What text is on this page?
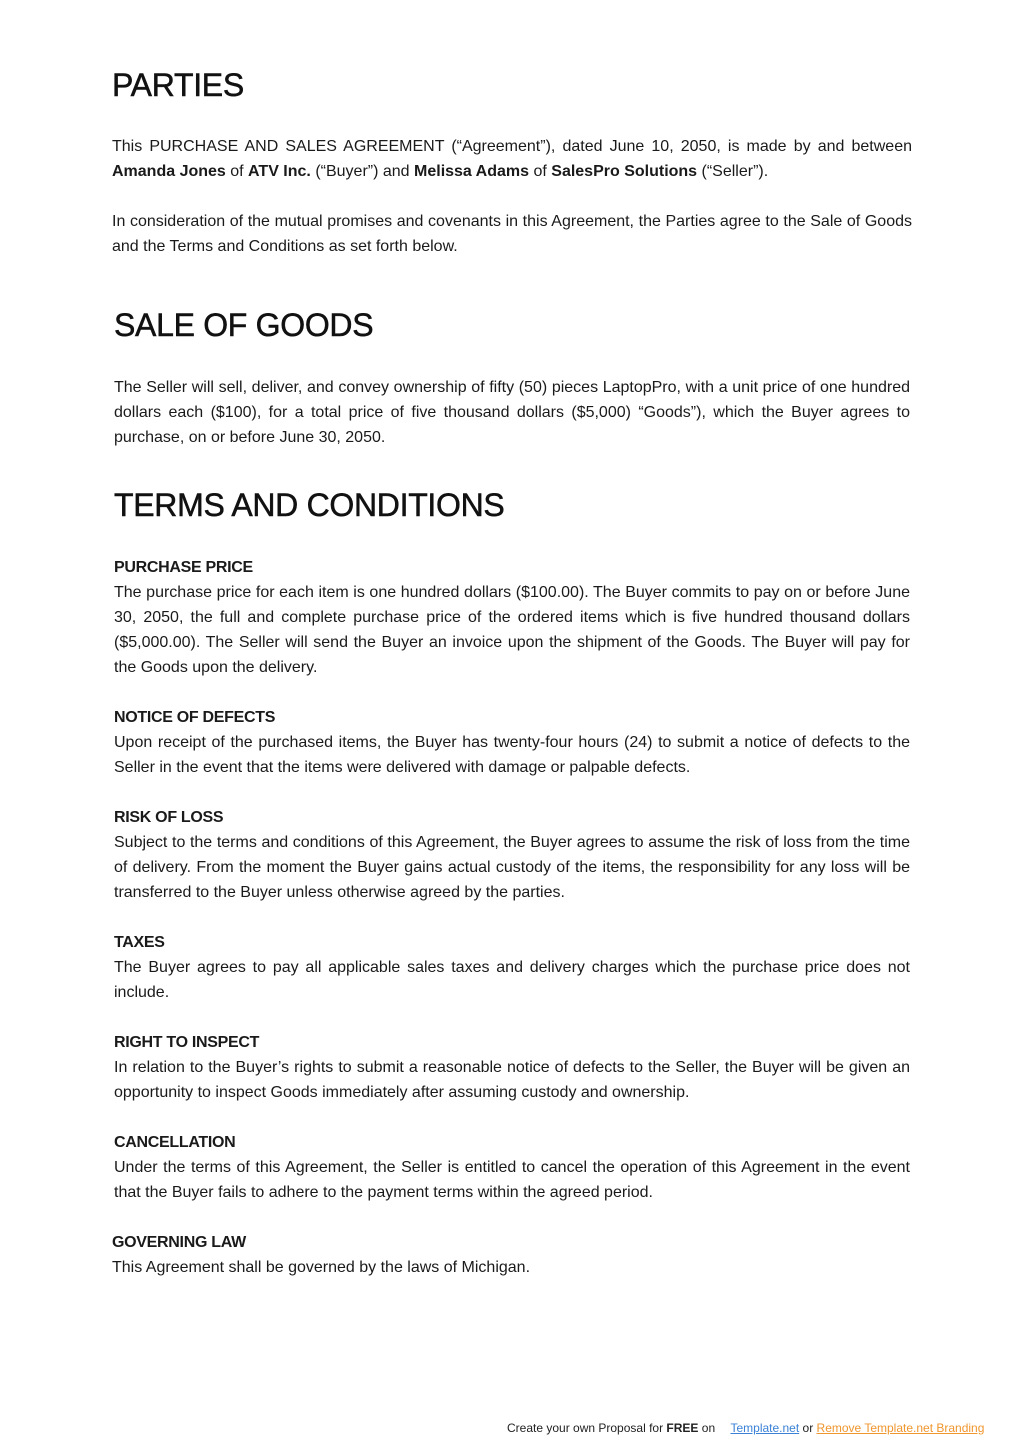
PARTIES

This PURCHASE AND SALES AGREEMENT (“Agreement”), dated June 10, 2050, is made by and between Amanda Jones of ATV Inc. (“Buyer”) and Melissa Adams of SalesPro Solutions (“Seller”).

In consideration of the mutual promises and covenants in this Agreement, the Parties agree to the Sale of Goods and the Terms and Conditions as set forth below.

SALE OF GOODS

The Seller will sell, deliver, and convey ownership of fifty (50) pieces LaptopPro, with a unit price of one hundred dollars each ($100), for a total price of five thousand dollars ($5,000) “Goods”), which the Buyer agrees to purchase, on or before June 30, 2050.

TERMS AND CONDITIONS
PURCHASE PRICE

The purchase price for each item is one hundred dollars ($100.00). The Buyer commits to pay on or before June 30, 2050, the full and complete purchase price of the ordered items which is five hundred thousand dollars ($5,000.00). The Seller will send the Buyer an invoice upon the shipment of the Goods. The Buyer will pay for the Goods upon the delivery.

NOTICE OF DEFECTS

Upon receipt of the purchased items, the Buyer has twenty-four hours (24) to submit a notice of defects to the Seller in the event that the items were delivered with damage or palpable defects.

RISK OF LOSS

Subject to the terms and conditions of this Agreement, the Buyer agrees to assume the risk of loss from the time of delivery. From the moment the Buyer gains actual custody of the items, the responsibility for any loss will be transferred to the Buyer unless otherwise agreed by the parties.

TAXES

The Buyer agrees to pay all applicable sales taxes and delivery charges which the purchase price does not include.

RIGHT TO INSPECT

In relation to the Buyer’s rights to submit a reasonable notice of defects to the Seller, the Buyer will be given an opportunity to inspect Goods immediately after assuming custody and ownership.

CANCELLATION

Under the terms of this Agreement, the Seller is entitled to cancel the operation of this Agreement in the event that the Buyer fails to adhere to the payment terms within the agreed period.

GOVERNING LAW

This Agreement shall be governed by the laws of Michigan.

Create your own Proposal for FREE on Template.net or Remove Template.net Branding
